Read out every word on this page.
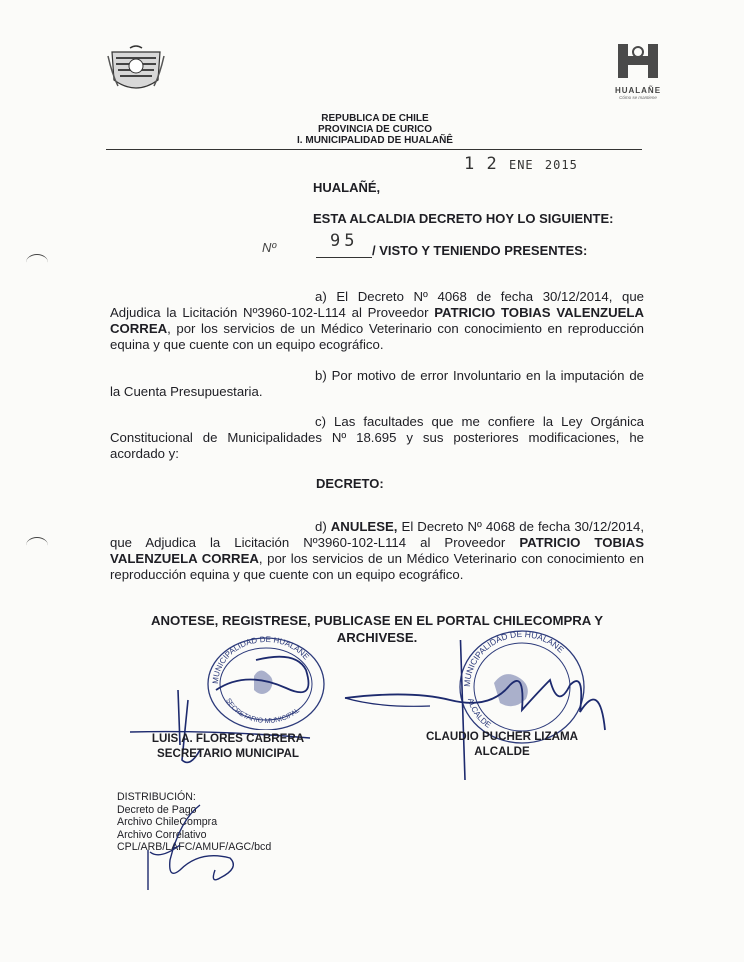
HUALAÑE
Cómo se mantiene
REPUBLICA DE CHILE
PROVINCIA DE CURICO
I. MUNICIPALIDAD DE HUALAÑÊ
1 2 ENE 2015
HUALAÑÉ,
ESTA ALCALDIA DECRETO HOY LO SIGUIENTE:
Nº	95 / VISTO Y TENIENDO PRESENTES:
a) El Decreto Nº 4068 de fecha 30/12/2014, que Adjudica la Licitación Nº3960-102-L114 al Proveedor PATRICIO TOBIAS VALENZUELA CORREA, por los servicios de un Médico Veterinario con conocimiento en reproducción equina y que cuente con un equipo ecográfico.
b) Por motivo de error Involuntario en la imputación de la Cuenta Presupuestaria.
c) Las facultades que me confiere la Ley Orgánica Constitucional de Municipalidades Nº 18.695 y sus posteriores modificaciones, he acordado y:
DECRETO:
d) ANULESE, El Decreto Nº 4068 de fecha 30/12/2014, que Adjudica la Licitación Nº3960-102-L114 al Proveedor PATRICIO TOBIAS VALENZUELA CORREA, por los servicios de un Médico Veterinario con conocimiento en reproducción equina y que cuente con un equipo ecográfico.
ANOTESE, REGISTRESE, PUBLICASE EN EL PORTAL CHILECOMPRA Y
ARCHIVESE.
MUNICIPALIDAD DE HUALAÑE
SECRETARIO MUNICIPAL
MUNICIPALIDAD DE HUALAÑE
ALCALDE
LUIS A. FLORES CABRERA
SECRETARIO MUNICIPAL
CLAUDIO PUCHER LIZAMA
ALCALDE
DISTRIBUCIÓN:
Decreto de Pago
Archivo ChileCompra
Archivo Correlativo
CPL/ARB/LAFC/AMUF/AGC/bcd
